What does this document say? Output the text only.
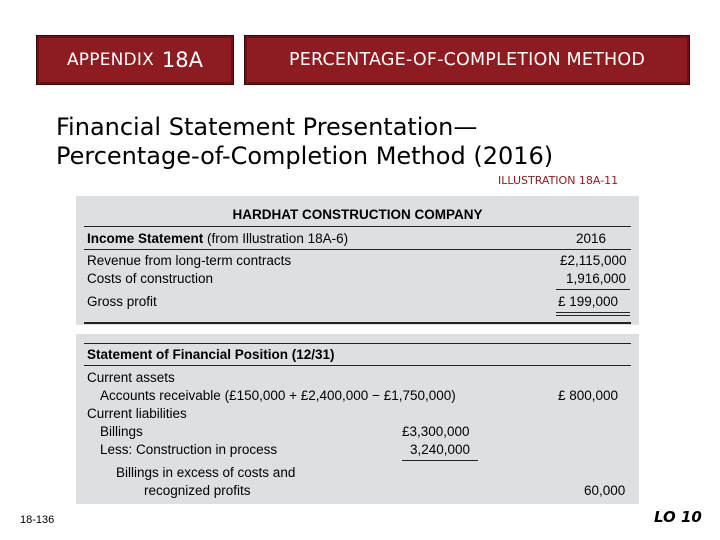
APPENDIX 18A	PERCENTAGE-OF-COMPLETION METHOD
Financial Statement Presentation—
Percentage-of-Completion Method (2016)
ILLUSTRATION 18A-11
HARDHAT CONSTRUCTION COMPANY
Income Statement (from Illustration 18A-6)	2016
Revenue from long-term contracts	£2,115,000
Costs of construction	1,916,000
Gross profit	£ 199,000
Statement of Financial Position (12/31)
Current assets
Accounts receivable (£150,000 + £2,400,000 − £1,750,000)	£ 800,000
Current liabilities
Billings	£3,300,000
Less: Construction in process	3,240,000
Billings in excess of costs and
recognized profits	60,000
18-136	LO 10
